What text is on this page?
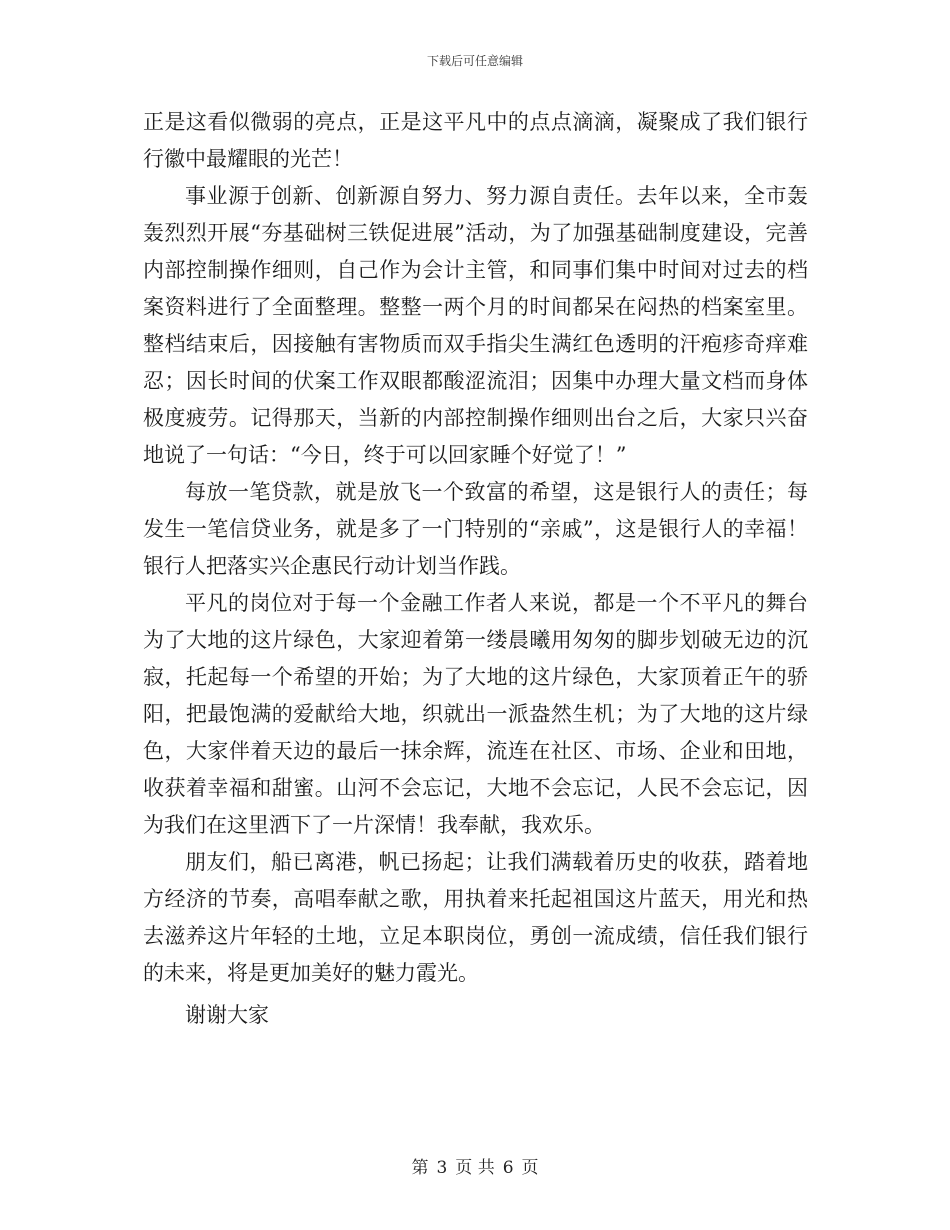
下载后可任意编辑

正是这看似微弱的亮点，正是这平凡中的点点滴滴，凝聚成了我们银行行徽中最耀眼的光芒！

事业源于创新、创新源自努力、努力源自责任。去年以来，全市轰轰烈烈开展“夯基础树三铁促进展”活动，为了加强基础制度建设，完善内部控制操作细则，自己作为会计主管，和同事们集中时间对过去的档案资料进行了全面整理。整整一两个月的时间都呆在闷热的档案室里。整档结束后，因接触有害物质而双手指尖生满红色透明的汗疱疹奇痒难忍；因长时间的伏案工作双眼都酸涩流泪；因集中办理大量文档而身体极度疲劳。记得那天，当新的内部控制操作细则出台之后，大家只兴奋地说了一句话：“今日，终于可以回家睡个好觉了！”

每放一笔贷款，就是放飞一个致富的希望，这是银行人的责任；每发生一笔信贷业务，就是多了一门特别的“亲戚”，这是银行人的幸福！银行人把落实兴企惠民行动计划当作践。

平凡的岗位对于每一个金融工作者人来说，都是一个不平凡的舞台为了大地的这片绿色，大家迎着第一缕晨曦用匆匆的脚步划破无边的沉寂，托起每一个希望的开始；为了大地的这片绿色，大家顶着正午的骄阳，把最饱满的爱献给大地，织就出一派盎然生机；为了大地的这片绿色，大家伴着天边的最后一抹余辉，流连在社区、市场、企业和田地，收获着幸福和甜蜜。山河不会忘记，大地不会忘记，人民不会忘记，因为我们在这里洒下了一片深情！我奉献，我欢乐。

朋友们，船已离港，帆已扬起；让我们满载着历史的收获，踏着地方经济的节奏，高唱奉献之歌，用执着来托起祖国这片蓝天，用光和热去滋养这片年轻的土地，立足本职岗位，勇创一流成绩，信任我们银行的未来，将是更加美好的魅力霞光。

谢谢大家

第 3 页 共 6 页
